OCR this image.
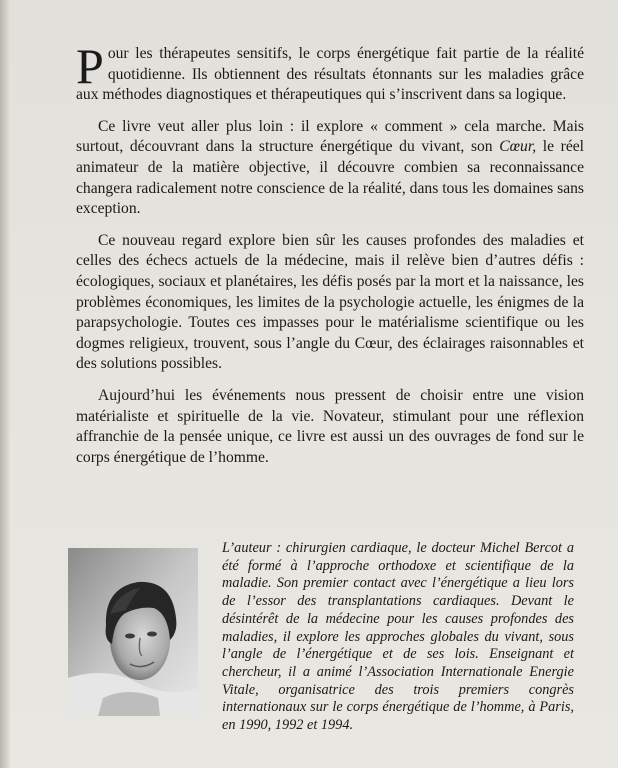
Pour les thérapeutes sensitifs, le corps énergétique fait partie de la réalité quotidienne. Ils obtiennent des résultats étonnants sur les maladies grâce aux méthodes diagnostiques et thérapeutiques qui s’inscrivent dans sa logique.

Ce livre veut aller plus loin : il explore « comment » cela marche. Mais surtout, découvrant dans la structure énergétique du vivant, son Cœur, le réel animateur de la matière objective, il découvre combien sa reconnaissance changera radicalement notre conscience de la réalité, dans tous les domaines sans exception.

Ce nouveau regard explore bien sûr les causes profondes des maladies et celles des échecs actuels de la médecine, mais il relève bien d’autres défis : écologiques, sociaux et planétaires, les défis posés par la mort et la naissance, les problèmes économiques, les limites de la psychologie actuelle, les énigmes de la parapsychologie. Toutes ces impasses pour le matérialisme scientifique ou les dogmes religieux, trouvent, sous l’angle du Cœur, des éclairages raisonnables et des solutions possibles.

Aujourd’hui les événements nous pressent de choisir entre une vision matérialiste et spirituelle de la vie. Novateur, stimulant pour une réflexion affranchie de la pensée unique, ce livre est aussi un des ouvrages de fond sur le corps énergétique de l’homme.

L’auteur : chirurgien cardiaque, le docteur Michel Bercot a été formé à l’approche orthodoxe et scientifique de la maladie. Son premier contact avec l’énergétique a lieu lors de l’essor des transplantations cardiaques. Devant le désintérêt de la médecine pour les causes profondes des maladies, il explore les approches globales du vivant, sous l’angle de l’énergétique et de ses lois. Enseignant et chercheur, il a animé l’Association Internationale Energie Vitale, organisatrice des trois premiers congrès internationaux sur le corps énergétique de l’homme, à Paris, en 1990, 1992 et 1994.
